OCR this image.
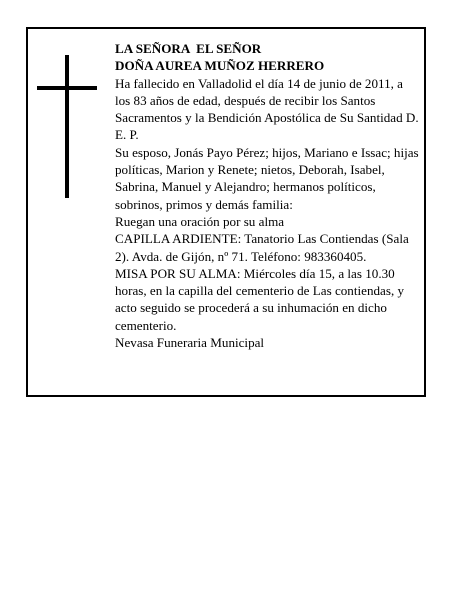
LA SEÑORA  EL SEÑOR
DOÑA AUREA MUÑOZ HERRERO

Ha fallecido en Valladolid el día 14 de junio de 2011, a los 83 años de edad, después de recibir los Santos Sacramentos y la Bendición Apostólica de Su Santidad D. E. P.

Su esposo, Jonás Payo Pérez; hijos, Mariano e Issac; hijas políticas, Marion y Renete; nietos, Deborah, Isabel, Sabrina, Manuel y Alejandro; hermanos políticos, sobrinos, primos y demás familia:

Ruegan una oración por su alma

CAPILLA ARDIENTE: Tanatorio Las Contiendas (Sala 2). Avda. de Gijón, nº 71. Teléfono: 983360405.

MISA POR SU ALMA: Miércoles día 15, a las 10.30 horas, en la capilla del cementerio de Las contiendas, y acto seguido se procederá a su inhumación en dicho cementerio.

Nevasa Funeraria Municipal
